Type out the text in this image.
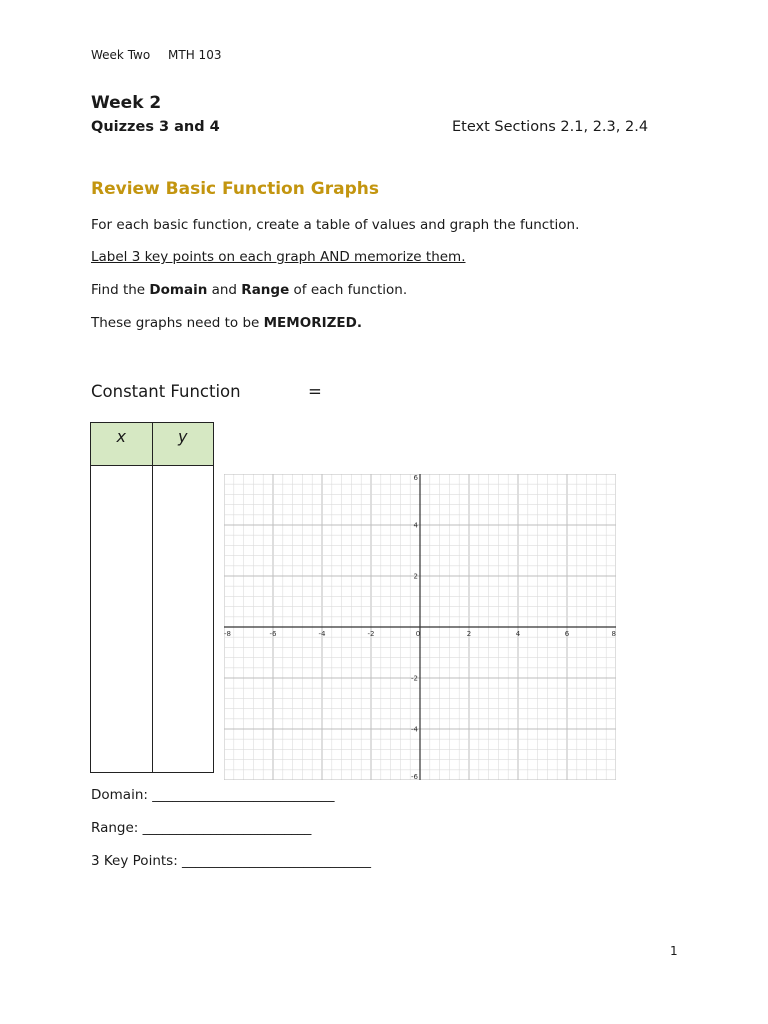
Week Two MTH 103
Week 2
Quizzes 3 and 4	Etext Sections 2.1, 2.3, 2.4
Review Basic Function Graphs
For each basic function, create a table of values and graph the function.
Label 3 key points on each graph AND memorize them.
Find the Domain and Range of each function.
These graphs need to be MEMORIZED.
Constant Function	=
x	y

-8	-6	-4	-2	0	2	4	6	8
6
4
2
-2
-4
-6
Domain: ___________________________
Range: _________________________
3 Key Points: ____________________________
1
